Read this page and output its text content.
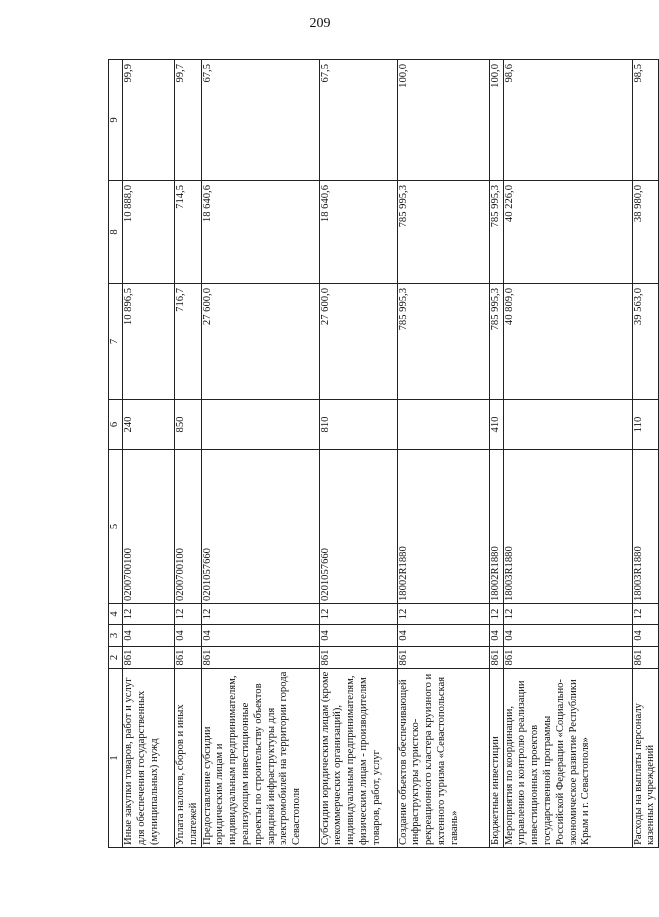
209
1	2	3	4	5	6	7	8	9
Иные закупки товаров, работ и услуг для обеспечения государственных (муниципальных) нужд	861	04	12	0200700100	240	10 896,5	10 888,0	99,9
Уплата налогов, сборов и иных платежей	861	04	12	0200700100	850	716,7	714,5	99,7
Предоставление субсидии юридическим лицам и индивидуальным предпринимателям, реализующим инвестиционные проекты по строительству объектов зарядной инфраструктуры для электромобилей на территории города Севастополя	861	04	12	0201057660		27 600,0	18 640,6	67,5
Субсидии юридическим лицам (кроме некоммерческих организаций), индивидуальным предпринимателям, физическим лицам - производителям товаров, работ, услуг	861	04	12	0201057660	810	27 600,0	18 640,6	67,5
Создание объектов обеспечивающей инфраструктуры туристско-рекреационного кластера круизного и яхтенного туризма «Севастопольская гавань»	861	04	12	18002R1880		785 995,3	785 995,3	100,0
Бюджетные инвестиции	861	04	12	18002R1880	410	785 995,3	785 995,3	100,0
Мероприятия по координации, управлению и контролю реализации инвестиционных проектов государственной программы Российской Федерации «Социально-экономическое развитие Республики Крым и г. Севастополя»	861	04	12	18003R1880		40 809,0	40 226,0	98,6
Расходы на выплаты персоналу казенных учреждений	861	04	12	18003R1880	110	39 563,0	38 980,0	98,5
